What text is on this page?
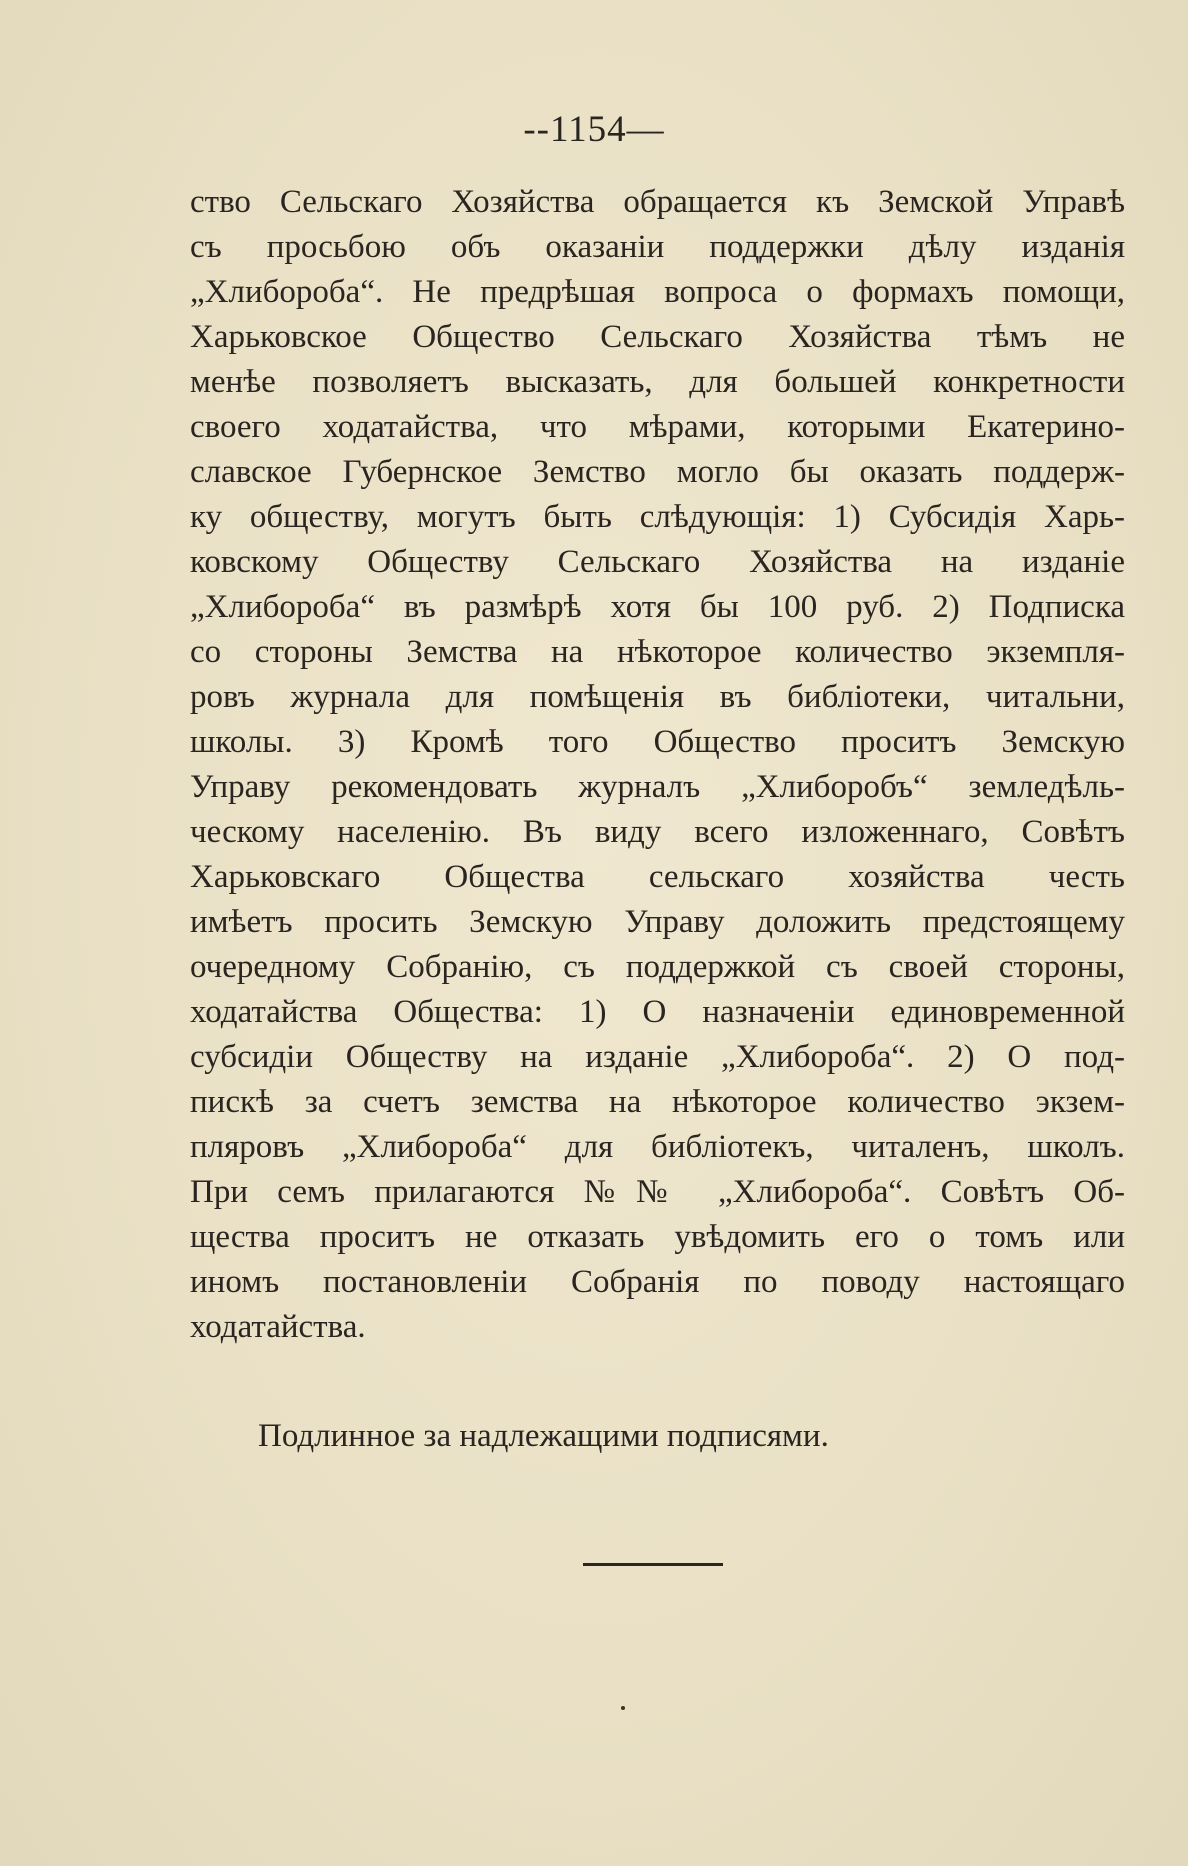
--1154—
ство Сельскаго Хозяйства обращается къ Земской Управѣ
съ просьбою объ оказаніи поддержки дѣлу изданія
„Хлибороба“. Не предрѣшая вопроса о формахъ помощи,
Харьковское Общество Сельскаго Хозяйства тѣмъ не
менѣе позволяетъ высказать, для большей конкретности
своего ходатайства, что мѣрами, которыми Екатерино-
славское Губернское Земство могло бы оказать поддерж-
ку обществу, могутъ быть слѣдующія: 1) Субсидія Харь-
ковскому Обществу Сельскаго Хозяйства на изданіе
„Хлибороба“ въ размѣрѣ хотя бы 100 руб. 2) Подписка
со стороны Земства на нѣкоторое количество экземпля-
ровъ журнала для помѣщенія въ библіотеки, читальни,
школы. 3) Кромѣ того Общество проситъ Земскую
Управу рекомендовать журналъ „Хлиборобъ“ земледѣль-
ческому населенію. Въ виду всего изложеннаго, Совѣтъ
Харьковскаго Общества сельскаго хозяйства честь
имѣетъ просить Земскую Управу доложить предстоящему
очередному Собранію, съ поддержкой съ своей стороны,
ходатайства Общества: 1) О назначеніи единовременной
субсидіи Обществу на изданіе „Хлибороба“. 2) О под-
пискѣ за счетъ земства на нѣкоторое количество экзем-
пляровъ „Хлибороба“ для библіотекъ, читаленъ, школъ.
При семъ прилагаются №№ „Хлибороба“. Совѣтъ Об-
щества проситъ не отказать увѣдомить его о томъ или
иномъ постановленіи Собранія по поводу настоящаго
ходатайства.
Подлинное за надлежащими подписями.
